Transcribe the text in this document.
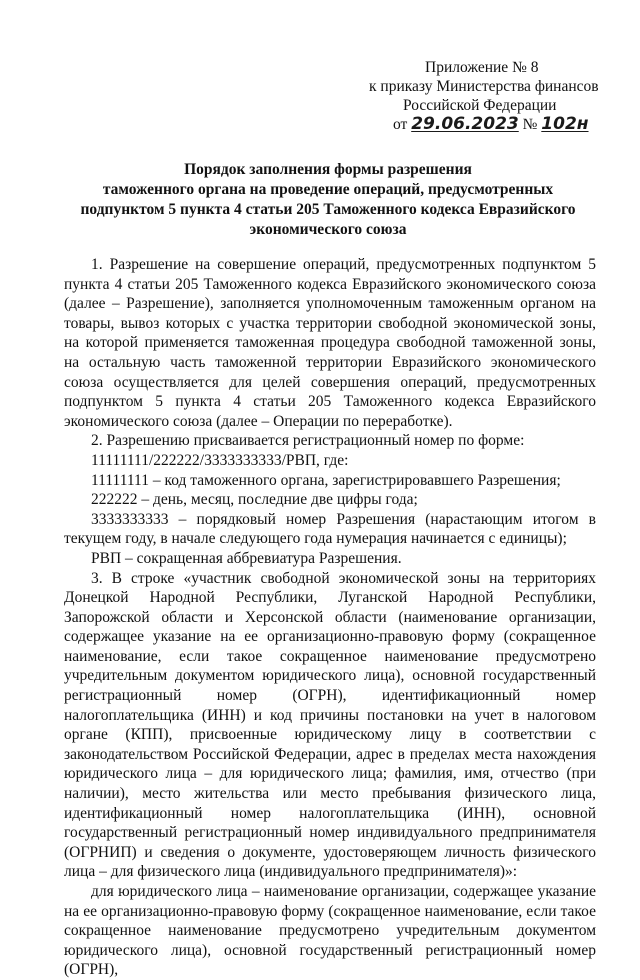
Приложение № 8
к приказу Министерства финансов
Российской Федерации
от 29.06.2023 № 102н
Порядок заполнения формы разрешения
таможенного органа на проведение операций, предусмотренных
подпунктом 5 пункта 4 статьи 205 Таможенного кодекса Евразийского
экономического союза

1. Разрешение на совершение операций, предусмотренных подпунктом 5 пункта 4 статьи 205 Таможенного кодекса Евразийского экономического союза (далее – Разрешение), заполняется уполномоченным таможенным органом на товары, вывоз которых с участка территории свободной экономической зоны, на которой применяется таможенная процедура свободной таможенной зоны, на остальную часть таможенной территории Евразийского экономического союза осуществляется для целей совершения операций, предусмотренных подпунктом 5 пункта 4 статьи 205 Таможенного кодекса Евразийского экономического союза (далее – Операции по переработке).

2. Разрешению присваивается регистрационный номер по форме:

11111111/222222/3333333333/РВП, где:

11111111 – код таможенного органа, зарегистрировавшего Разрешения;

222222 – день, месяц, последние две цифры года;

3333333333 – порядковый номер Разрешения (нарастающим итогом в текущем году, в начале следующего года нумерация начинается с единицы);

РВП – сокращенная аббревиатура Разрешения.

3. В строке «участник свободной экономической зоны на территориях Донецкой Народной Республики, Луганской Народной Республики, Запорожской области и Херсонской области (наименование организации, содержащее указание на ее организационно-правовую форму (сокращенное наименование, если такое сокращенное наименование предусмотрено учредительным документом юридического лица), основной государственный регистрационный номер (ОГРН), идентификационный номер налогоплательщика (ИНН) и код причины постановки на учет в налоговом органе (КПП), присвоенные юридическому лицу в соответствии с законодательством Российской Федерации, адрес в пределах места нахождения юридического лица – для юридического лица; фамилия, имя, отчество (при наличии), место жительства или место пребывания физического лица, идентификационный номер налогоплательщика (ИНН), основной государственный регистрационный номер индивидуального предпринимателя (ОГРНИП) и сведения о документе, удостоверяющем личность физического лица – для физического лица (индивидуального предпринимателя)»:

для юридического лица – наименование организации, содержащее указание на ее организационно-правовую форму (сокращенное наименование, если такое сокращенное наименование предусмотрено учредительным документом юридического лица), основной государственный регистрационный номер (ОГРН),
